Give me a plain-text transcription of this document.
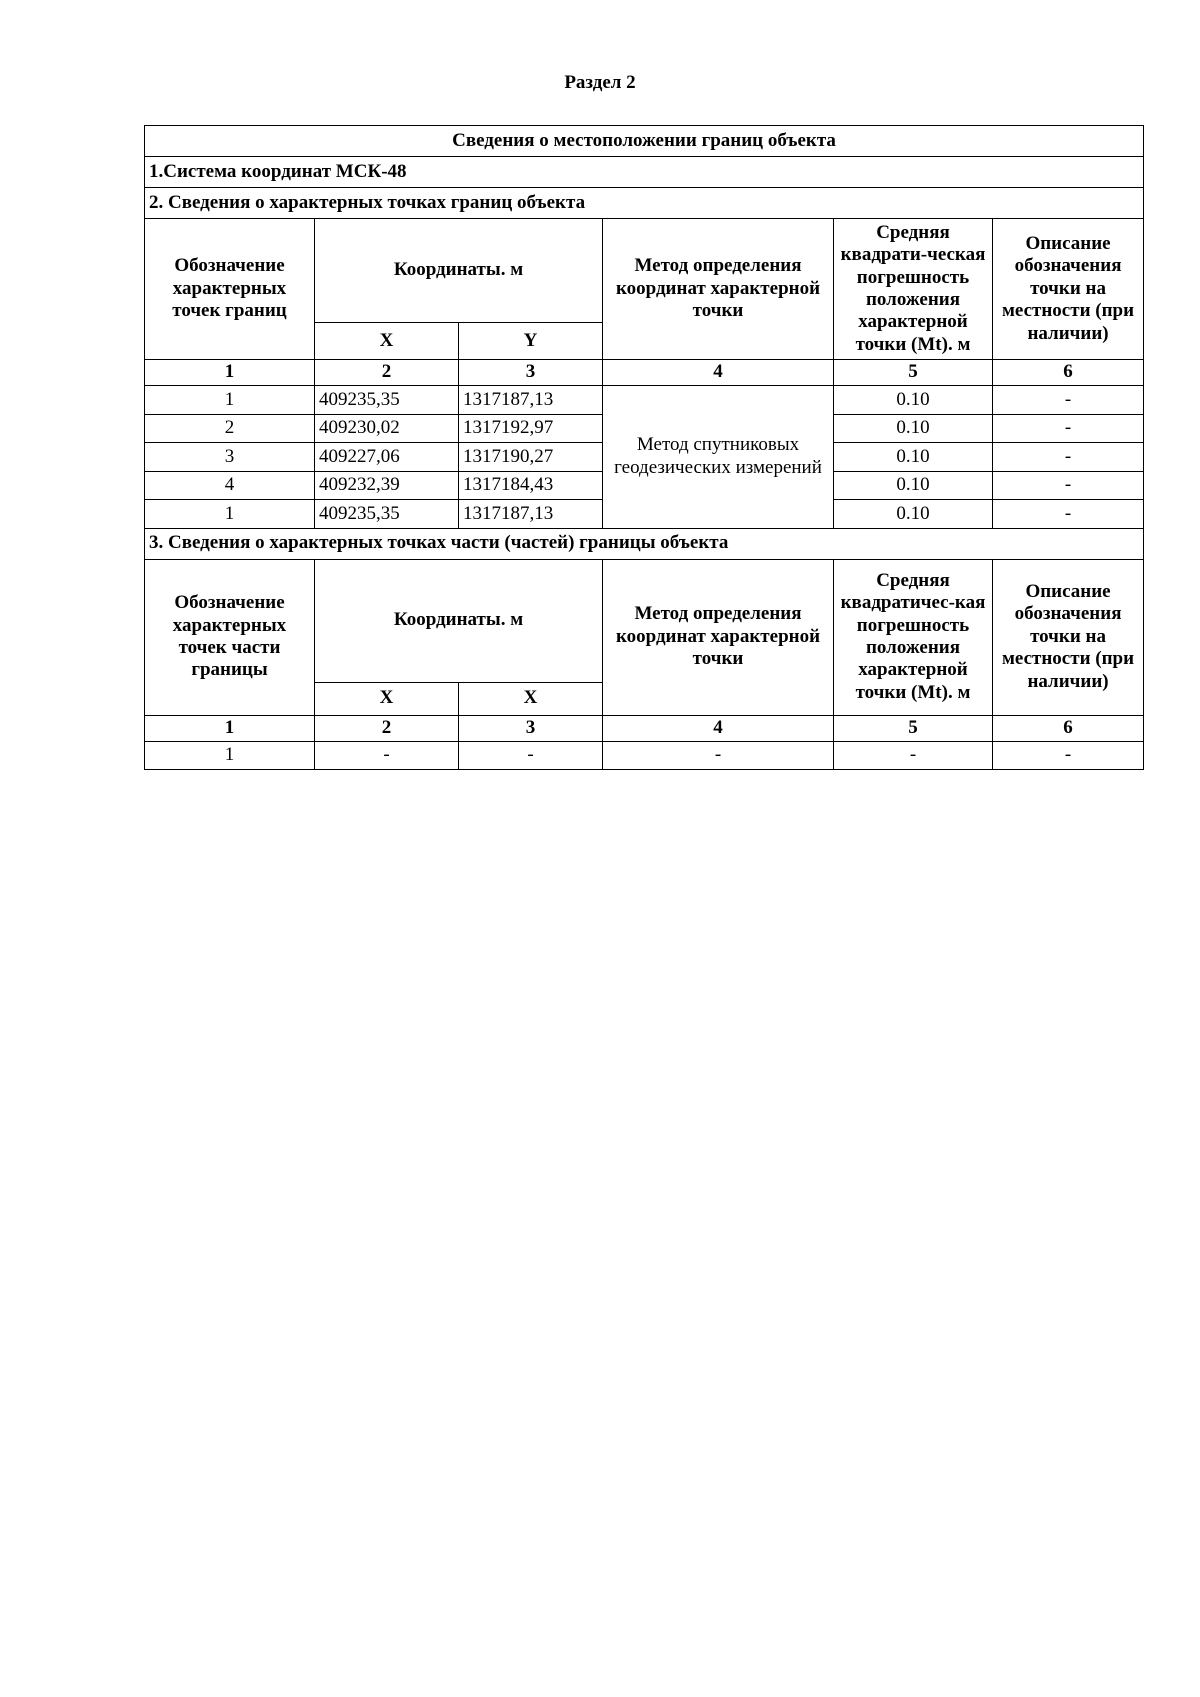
Раздел 2
Сведения о местоположении границ объекта					
1.Система координат МСК-48					
2. Сведения о характерных точках границ объекта					
Обозначение характерных точек границ	Координаты. м		Метод определения координат характерной точки	Средняя квадрати-ческая погрешность положения характерной точки (Mt). м	Описание обозначения точки на местности (при наличии)
	X	Y			
1	2	3	4	5	6
1	409235,35	1317187,13	Метод спутниковых геодезических измерений	0.10	-
2	409230,02	1317192,97		0.10	-
3	409227,06	1317190,27		0.10	-
4	409232,39	1317184,43		0.10	-
1	409235,35	1317187,13		0.10	-
3. Сведения о характерных точках части (частей) границы объекта					
Обозначение характерных точек части границы	Координаты. м		Метод определения координат характерной точки	Средняя квадратичес-кая погрешность положения характерной точки (Mt). м	Описание обозначения точки на местности (при наличии)
	X	X			
1	2	3	4	5	6
1	-	-	-	-	-
